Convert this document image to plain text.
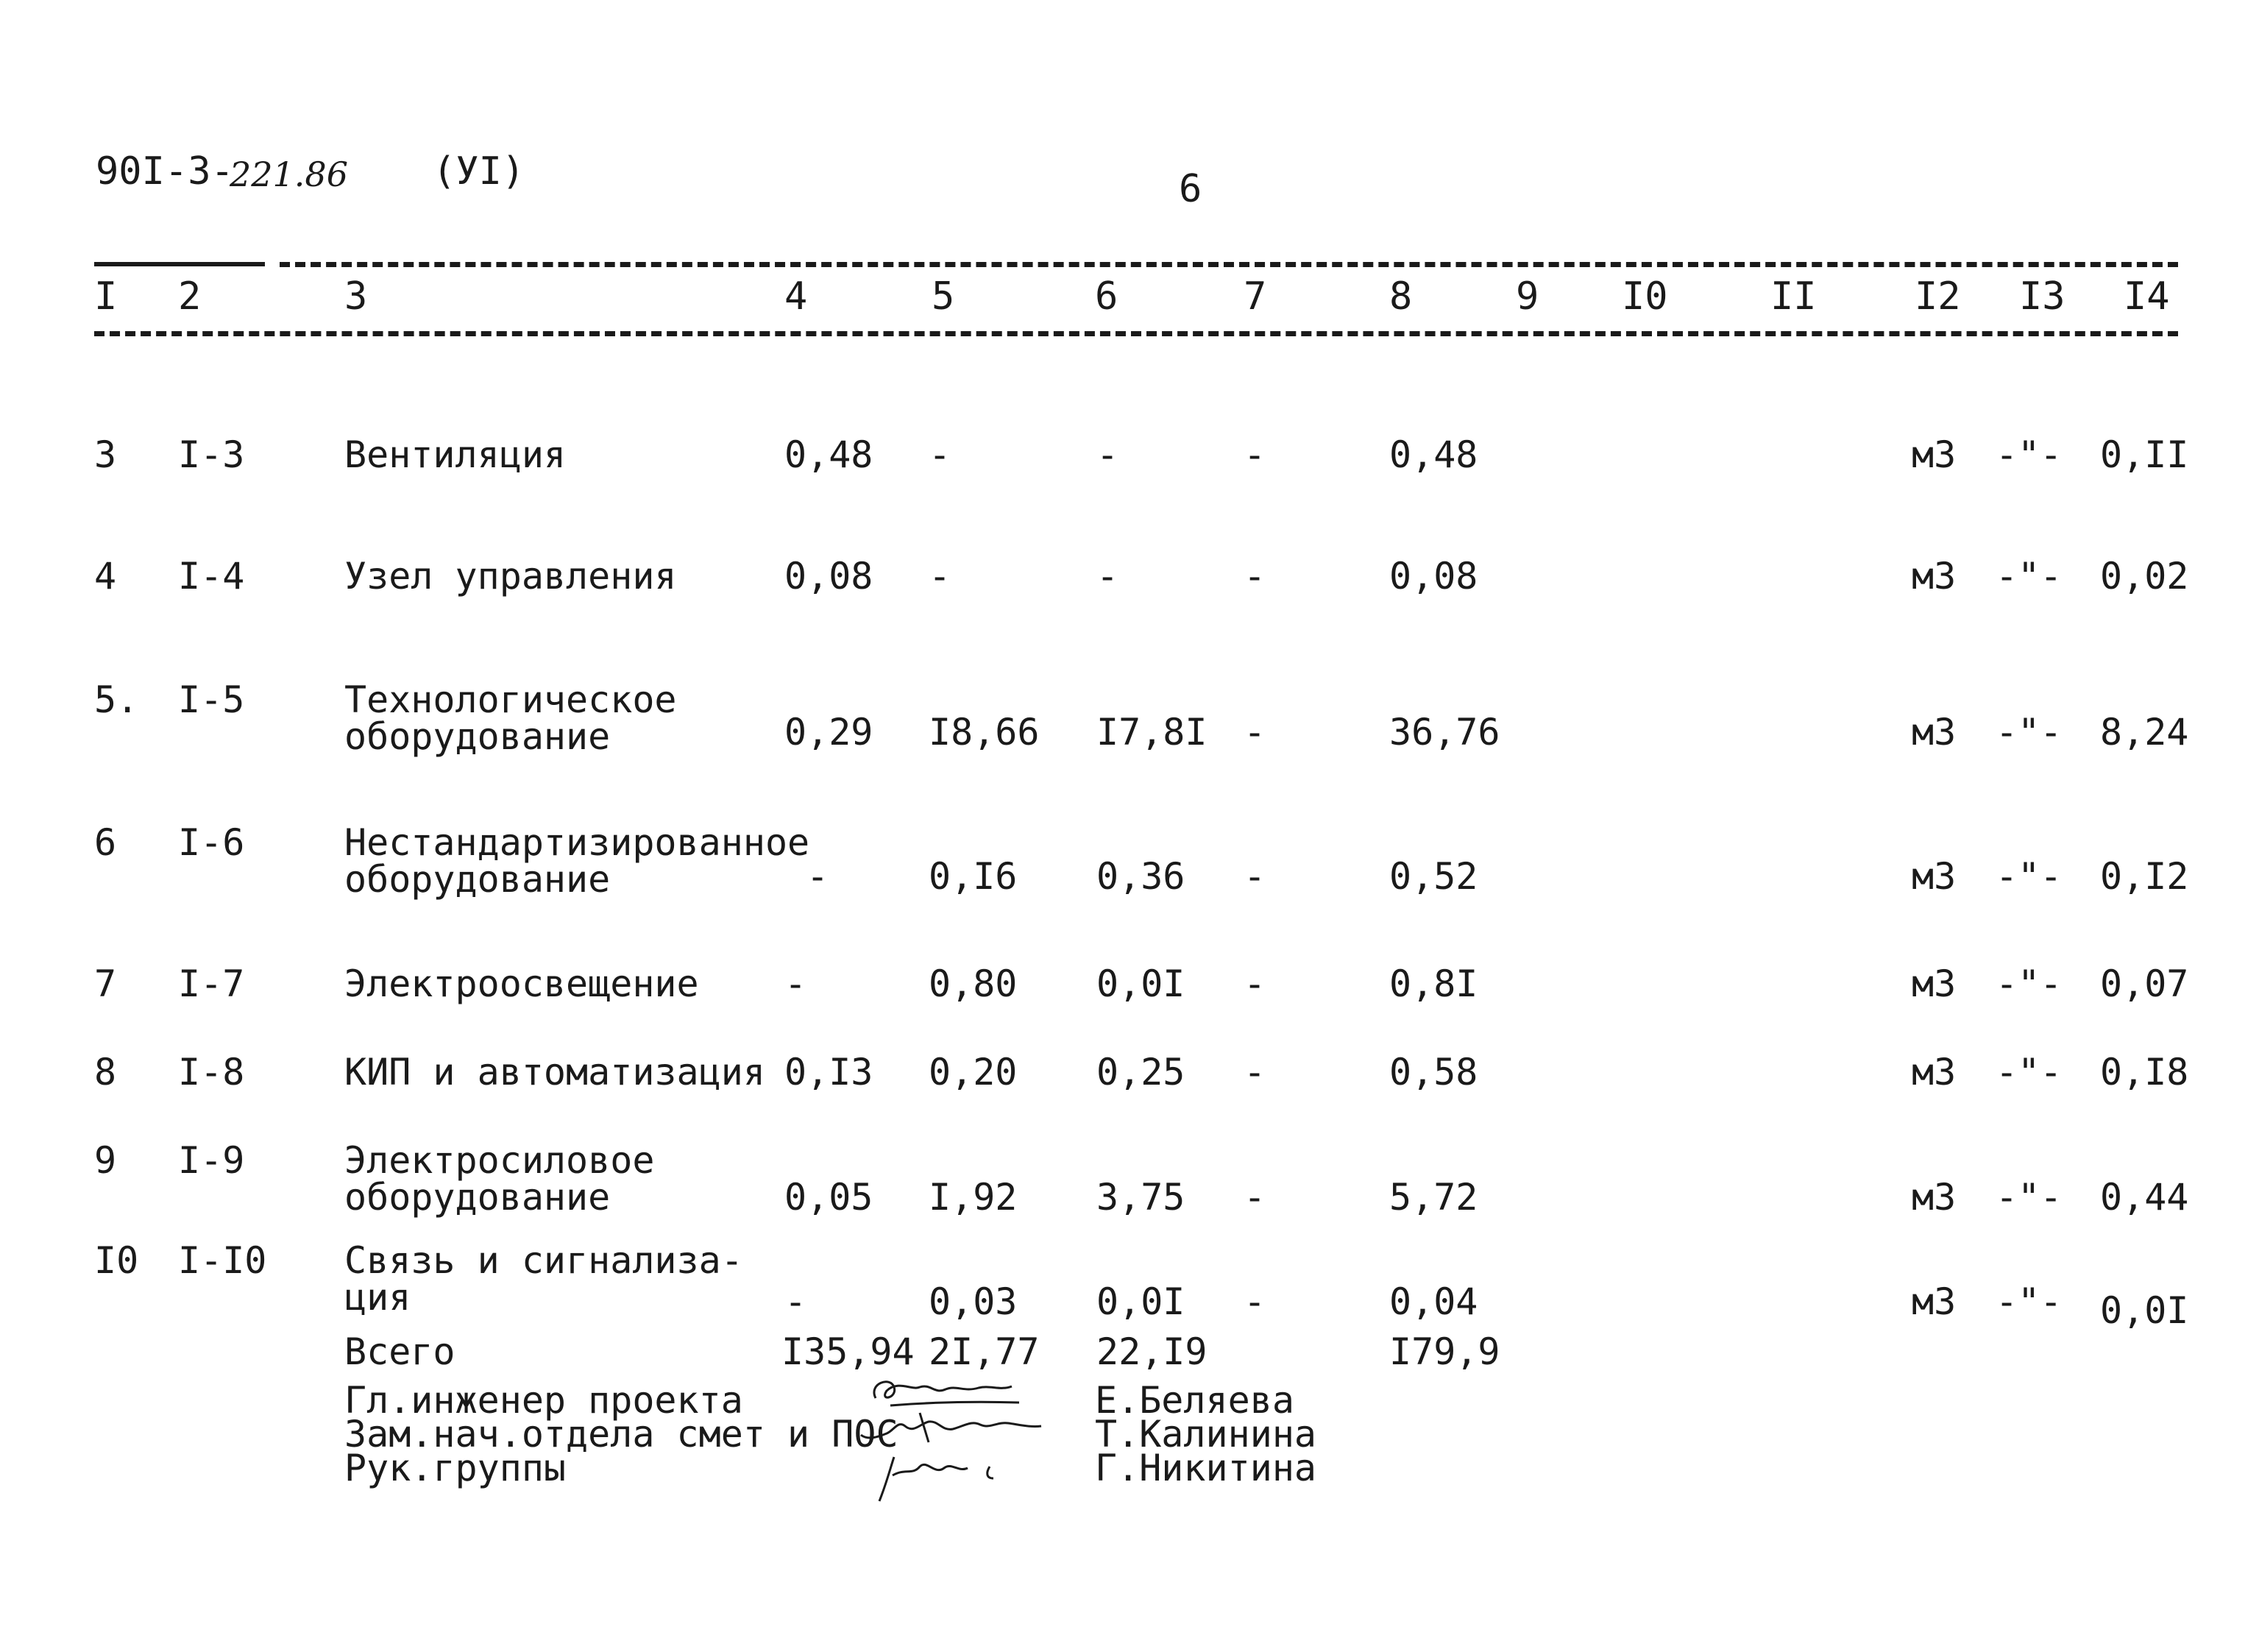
90I-3-
221.86 (УI)	6
I 2	3	4	5	6	7	8	9 I0	II	I2 I3 I4
3 I-3	Вентиляция	0,48 -	-	-	0,48	м3 -"- 0,II
4 I-4	Узел управления	0,08 -	-	-	0,08	м3 -"- 0,02
5. I-5	Технологическое
оборудование	0,29 I8,66 I7,8I -	36,76	м3 -"- 8,24
6 I-6	Нестандартизированное
оборудование	-	0,I6 0,36 -	0,52	м3 -"- 0,I2
7 I-7	Электроосвещение -	0,80 0,0I -	0,8I	м3 -"- 0,07
8 I-8	КИП и автоматизация 0,I3 0,20 0,25 -	0,58	м3 -"- 0,I8
9 I-9	Электросиловое
оборудование	0,05 I,92 3,75 -	5,72	м3 -"- 0,44
I0 I-I0 Связь и сигнализа-
ция	-	0,03 0,0I -	0,04	м3 -"- 0,0I
Всего	I35,94 2I,77 22,I9	I79,9
Гл.инженер проекта
Зам.нач.отдела смет и ПОС
Рук.группы
Е.Беляева
Т.Калинина
Г.Никитина
